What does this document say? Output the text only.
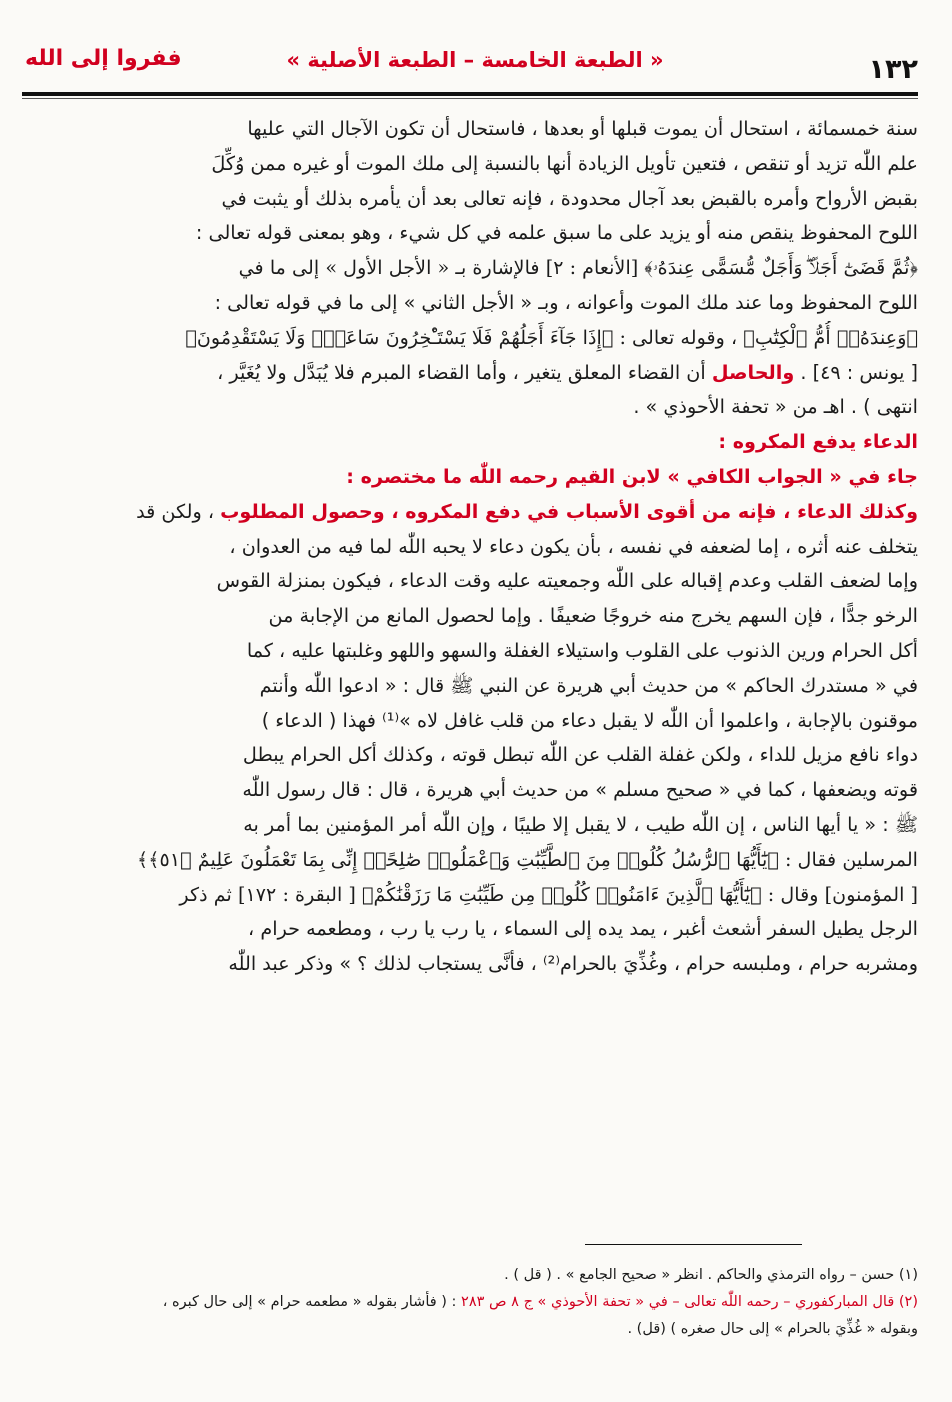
١٣٢
« الطبعة الخامسة – الطبعة الأصلية »
ففروا إلى الله
سنة خمسمائة ، استحال أن يموت قبلها أو بعدها ، فاستحال أن تكون الآجال التي عليها
علم اللّٰه تزيد أو تنقص ، فتعين تأويل الزيادة أنها بالنسبة إلى ملك الموت أو غيره ممن وُكِّلَ
بقبض الأرواح وأمره بالقبض بعد آجال محدودة ، فإنه تعالى بعد أن يأمره بذلك أو يثبت في
اللوح المحفوظ ينقص منه أو يزيد على ما سبق علمه في كل شيء ، وهو بمعنى قوله تعالى :
﴿ثُمَّ قَضَىٰٓ أَجَلًاۖ وَأَجَلٌ مُّسَمًّى عِندَهُۥ﴾ [الأنعام : ٢] فالإشارة بـ « الأجل الأول » إلى ما في
اللوح المحفوظ وما عند ملك الموت وأعوانه ، وبـ « الأجل الثاني » إلى ما في قوله تعالى :
﴿وَعِندَهُۥٓ أُمُّ ٱلْكِتَٰبِ﴾ ، وقوله تعالى : ﴿إِذَا جَآءَ أَجَلُهُمْ فَلَا يَسْتَـْٔخِرُونَ سَاعَةًۖ وَلَا يَسْتَقْدِمُونَ﴾
[ يونس : ٤٩] . والحاصل أن القضاء المعلق يتغير ، وأما القضاء المبرم فلا يُبَدَّل ولا يُغَيَّر ،
انتهى ) . اهـ من « تحفة الأحوذي » .
الدعاء يدفع المكروه :
جاء في « الجواب الكافي » لابن القيم رحمه اللّٰه ما مختصره :
وكذلك الدعاء ، فإنه من أقوى الأسباب في دفع المكروه ، وحصول المطلوب ، ولكن قد
يتخلف عنه أثره ، إما لضعفه في نفسه ، بأن يكون دعاء لا يحبه اللّٰه لما فيه من العدوان ،
وإما لضعف القلب وعدم إقباله على اللّٰه وجمعيته عليه وقت الدعاء ، فيكون بمنزلة القوس
الرخو جدًّا ، فإن السهم يخرج منه خروجًا ضعيفًا . وإما لحصول المانع من الإجابة من
أكل الحرام ورين الذنوب على القلوب واستيلاء الغفلة والسهو واللهو وغلبتها عليه ، كما
في « مستدرك الحاكم » من حديث أبي هريرة عن النبي ﷺ قال : « ادعوا اللّٰه وأنتم
موقنون بالإجابة ، واعلموا أن اللّٰه لا يقبل دعاء من قلب غافل لاه »⁽¹⁾ فهذا ( الدعاء )
دواء نافع مزيل للداء ، ولكن غفلة القلب عن اللّٰه تبطل قوته ، وكذلك أكل الحرام يبطل
قوته ويضعفها ، كما في « صحيح مسلم » من حديث أبي هريرة ، قال : قال رسول اللّٰه
ﷺ : « يا أيها الناس ، إن اللّٰه طيب ، لا يقبل إلا طيبًا ، وإن اللّٰه أمر المؤمنين بما أمر به
المرسلين فقال : ﴿يَٰٓأَيُّهَا ٱلرُّسُلُ كُلُوا۟ مِنَ ٱلطَّيِّبَٰتِ وَٱعْمَلُوا۟ صَٰلِحًاۖ إِنِّى بِمَا تَعْمَلُونَ عَلِيمٌ ﴿٥١﴾﴾
[ المؤمنون] وقال : ﴿يَٰٓأَيُّهَا ٱلَّذِينَ ءَامَنُوا۟ كُلُوا۟ مِن طَيِّبَٰتِ مَا رَزَقْنَٰكُمْ﴾ [ البقرة : ١٧٢] ثم ذكر
الرجل يطيل السفر أشعث أغبر ، يمد يده إلى السماء ، يا رب يا رب ، ومطعمه حرام ،
ومشربه حرام ، وملبسه حرام ، وغُذِّيَ بالحرام⁽²⁾ ، فأنَّى يستجاب لذلك ؟ » وذكر عبد اللّٰه
(١) حسن – رواه الترمذي والحاكم . انظر « صحيح الجامع » . ( قل ) .
(٢) قال المباركفوري – رحمه اللّٰه تعالى – في « تحفة الأحوذي » ج ٨ ص ٢٨٣ : ( فأشار بقوله « مطعمه حرام » إلى حال كبره ،
وبقوله « غُذِّيَ بالحرام » إلى حال صغره ) (قل) .
